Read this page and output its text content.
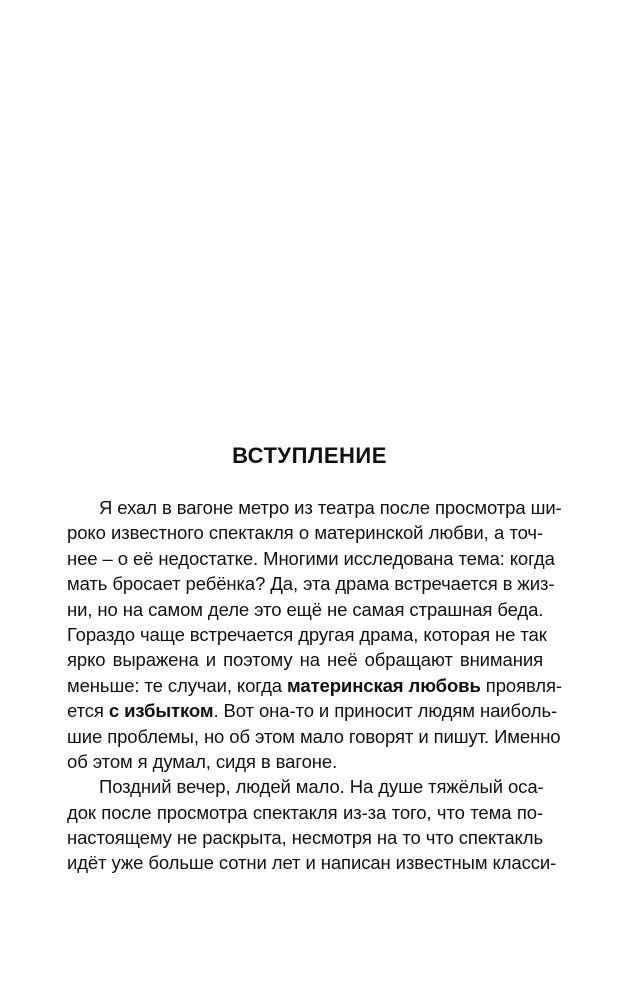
ВСТУПЛЕНИЕ

Я ехал в вагоне метро из театра после просмотра ши-
роко известного спектакля о материнской любви, а точ-
нее – о её недостатке. Многими исследована тема: когда
мать бросает ребёнка? Да, эта драма встречается в жиз-
ни, но на самом деле это ещё не самая страшная беда.
Гораздо чаще встречается другая драма, которая не так
ярко выражена и поэтому на неё обращают внимания
меньше: те случаи, когда материнская любовь проявля-
ется с избытком. Вот она-то и приносит людям наиболь-
шие проблемы, но об этом мало говорят и пишут. Именно
об этом я думал, сидя в вагоне.

Поздний вечер, людей мало. На душе тяжёлый оса-
док после просмотра спектакля из-за того, что тема по-
настоящему не раскрыта, несмотря на то что спектакль
идёт уже больше сотни лет и написан известным класси-
